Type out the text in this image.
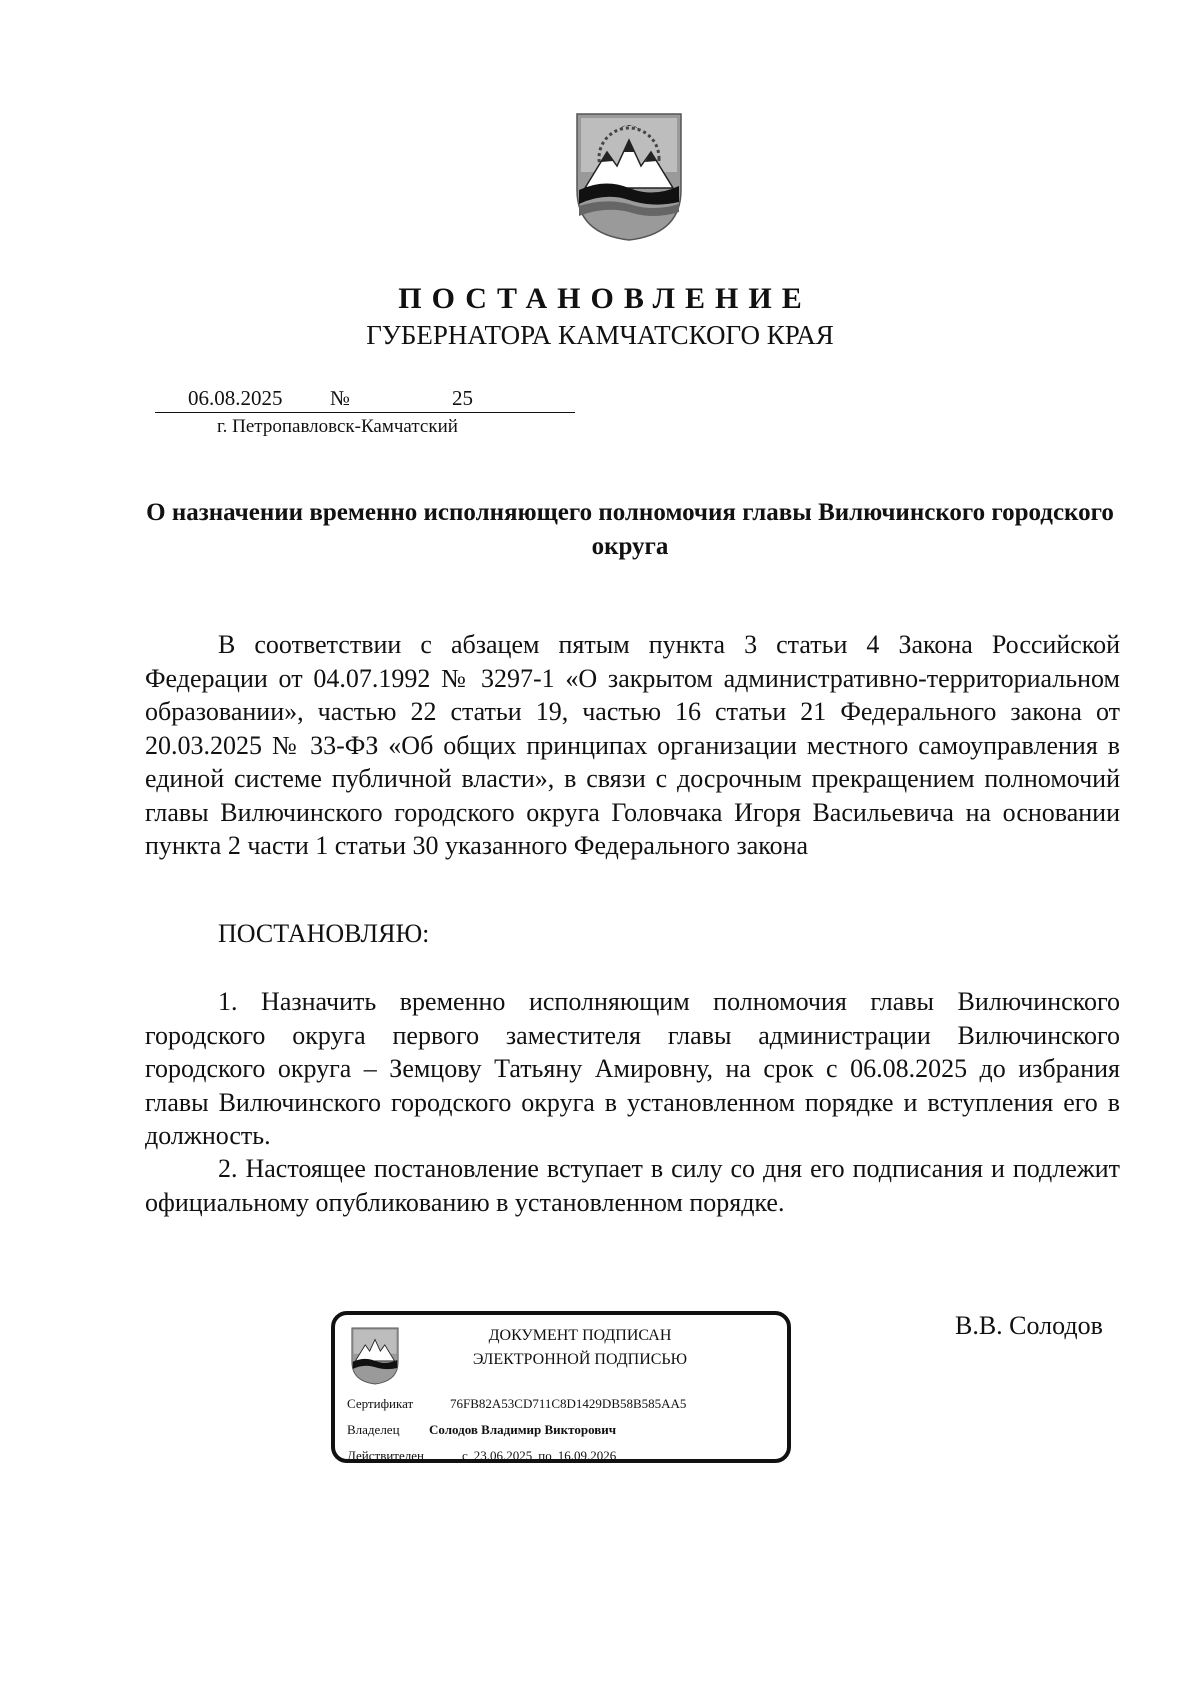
ПОСТАНОВЛЕНИЕ
ГУБЕРНАТОРА КАМЧАТСКОГО КРАЯ
06.08.2025 №	25
г. Петропавловск-Камчатский
О назначении временно исполняющего полномочия главы Вилючинского городского округа
В соответствии с абзацем пятым пункта 3 статьи 4 Закона Российской Федерации от 04.07.1992 № 3297-1 «О закрытом административно-территориальном образовании», частью 22 статьи 19, частью 16 статьи 21 Федерального закона от 20.03.2025 № 33-ФЗ «Об общих принципах организации местного самоуправления в единой системе публичной власти», в связи с досрочным прекращением полномочий главы Вилючинского городского округа Головчака Игоря Васильевича на основании пункта 2 части 1 статьи 30 указанного Федерального закона
ПОСТАНОВЛЯЮ:
1. Назначить временно исполняющим полномочия главы Вилючинского городского округа первого заместителя главы администрации Вилючинского городского округа – Земцову Татьяну Амировну, на срок с 06.08.2025 до избрания главы Вилючинского городского округа в установленном порядке и вступления его в должность.
2. Настоящее постановление вступает в силу со дня его подписания и подлежит официальному опубликованию в установленном порядке.
ДОКУМЕНТ ПОДПИСАН
ЭЛЕКТРОННОЙ ПОДПИСЬЮ
Сертификат	76FB82A53CD711C8D1429DB58B585AA5
Владелец Солодов Владимир Викторович
Действителен	с 23.06.2025 по 16.09.2026
В.В. Солодов
